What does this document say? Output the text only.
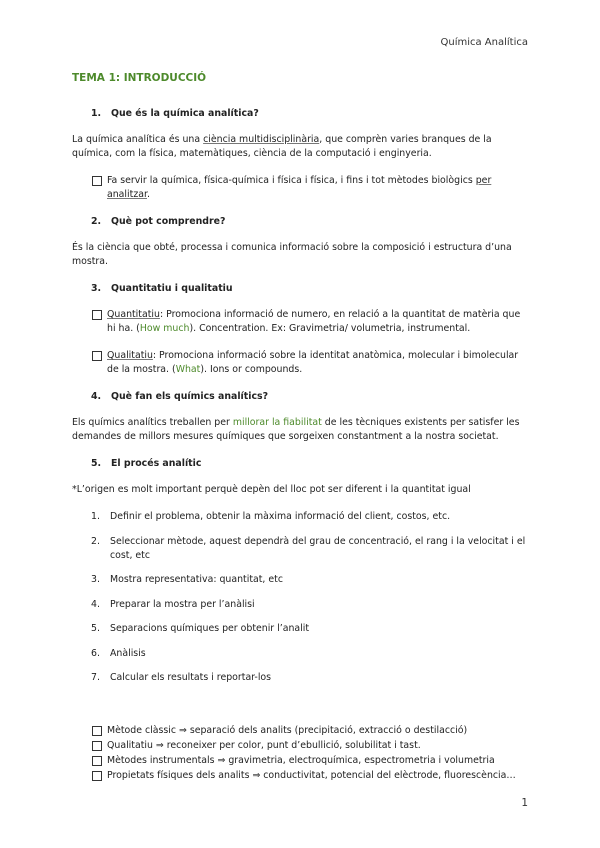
Química Analítica
TEMA 1: INTRODUCCIÓ
1. Que és la química analítica?
La química analítica és una ciència multidisciplinària, que comprèn varies branques de la química, com la física, matemàtiques, ciència de la computació i enginyeria.
Fa servir la química, física-química i física i física, i fins i tot mètodes biològics per analitzar.
2. Què pot comprendre?
És la ciència que obté, processa i comunica informació sobre la composició i estructura d’una mostra.
3. Quantitatiu i qualitatiu
Quantitatiu: Promociona informació de numero, en relació a la quantitat de matèria que hi ha. (How much). Concentration. Ex: Gravimetria/ volumetria, instrumental.
Qualitatiu: Promociona informació sobre la identitat anatòmica, molecular i bimolecular de la mostra. (What). Ions or compounds.
4. Què fan els químics analítics?
Els químics analítics treballen per millorar la fiabilitat de les tècniques existents per satisfer les demandes de millors mesures químiques que sorgeixen constantment a la nostra societat.
5. El procés analític
*L’origen es molt important perquè depèn del lloc pot ser diferent i la quantitat igual
1. Definir el problema, obtenir la màxima informació del client, costos, etc.
2. Seleccionar mètode, aquest dependrà del grau de concentració, el rang i la velocitat i el cost, etc
3. Mostra representativa: quantitat, etc
4. Preparar la mostra per l’anàlisi
5. Separacions químiques per obtenir l’analit
6. Anàlisis
7. Calcular els resultats i reportar-los
Mètode clàssic ⇒ separació dels analits (precipitació, extracció o destilacció)
Qualitatiu ⇒ reconeixer per color, punt d’ebullició, solubilitat i tast.
Mètodes instrumentals ⇒ gravimetria, electroquímica, espectrometria i volumetria
Propietats físiques dels analits ⇒ conductivitat, potencial del elèctrode, fluorescència…
1
